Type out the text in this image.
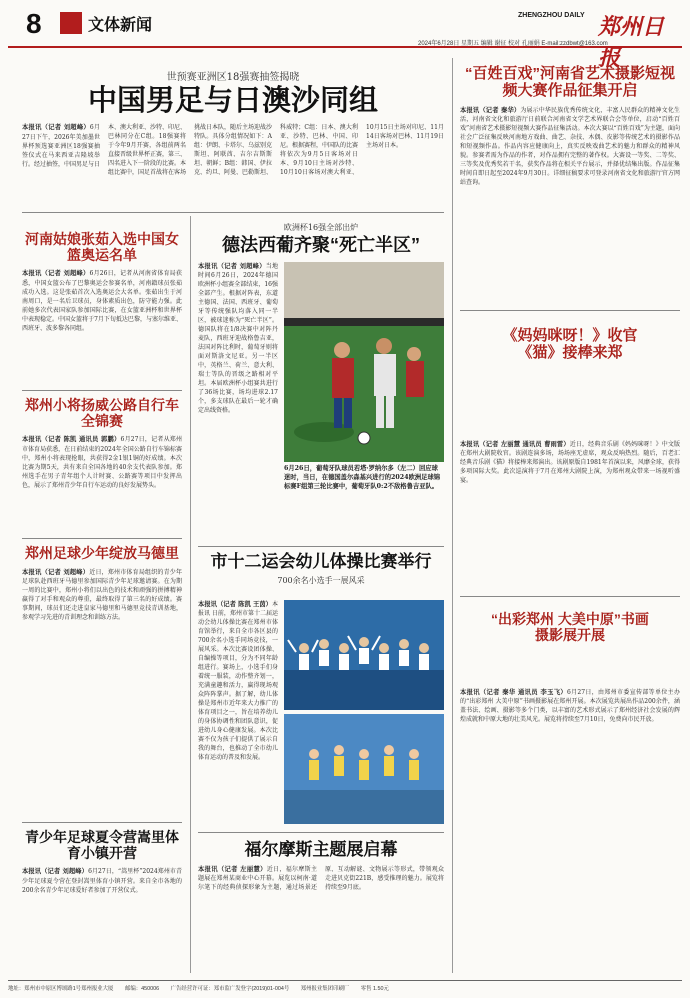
8	文体新闻
ZHENGZHOU DAILY 郑州日报
2024年6月28日 星期五 编辑 谢征 校对 孔丽娟 E-mail:zzdbwt@163.com
世预赛亚洲区18强赛抽签揭晓
中国男足与日澳沙同组
本报讯（记者 刘超峰）6月27日下午，2026年美加墨世界杯预选赛亚洲区18强赛抽签仪式在马来西亚吉隆坡举行。经过抽签，中国男足与日本、澳大利亚、沙特、印尼、巴林同分在C组。18强赛将于今年9月开赛，各组前两名直接晋级世界杯正赛，第三、四名进入下一阶段的比赛。本组比赛中，国足首战将在客场挑战日本队，随后主场迎战沙特队。具体分组情况如下：A组：伊朗、卡塔尔、乌兹别克斯坦、阿联酋、吉尔吉斯斯坦、朝鲜；B组：韩国、伊拉克、约旦、阿曼、巴勒斯坦、科威特；C组：日本、澳大利亚、沙特、巴林、中国、印尼。根据赛程，中国队的比赛将依次为9月5日客场对日本、9月10日主场对沙特、10月10日客场对澳大利亚、10月15日主场对印尼、11月14日客场对巴林、11月19日主场对日本。
“百姓百戏”河南省艺术摄影短视频大赛作品征集开启
本报讯（记者 秦华）为展示中华民族优秀传统文化，丰富人民群众的精神文化生活，河南省文化和旅游厅日前联合河南省文学艺术界联合会等单位，启动“百姓百戏”河南省艺术摄影短视频大赛作品征集活动。本次大赛以“百姓百戏”为主题，面向社会广泛征集反映河南地方戏曲、曲艺、杂技、木偶、皮影等传统艺术的摄影作品和短视频作品。作品内容应健康向上，真实反映戏曲艺术的魅力和群众的精神风貌。参赛者需为作品的作者，对作品拥有完整的著作权。大赛设一等奖、二等奖、三等奖及优秀奖若干名，获奖作品将在相关平台展示，并择优结集出版。作品征集时间自即日起至2024年9月30日。详细征稿要求可登录河南省文化和旅游厅官方网站查询。
《妈妈咪呀！》收官《猫》接棒来郑
本报讯（记者 左丽慧 通讯员 曹雨雷）近日，经典音乐剧《妈妈咪呀！》中文版在郑州大剧院收官。该剧连演多场，场场座无虚席，观众反响热烈。随后，百老汇经典音乐剧《猫》将接棒来郑演出。该剧原版自1981年首演以来，风靡全球，获得多项国际大奖。此次巡演将于7月在郑州大剧院上演，为郑州观众带来一场视听盛宴。
“出彩郑州 大美中原”书画摄影展开展
本报讯（记者 秦华 通讯员 李玉飞）6月27日，由郑州市委宣传部等单位主办的“出彩郑州 大美中原”书画摄影展在郑州开展。本次展览共展出作品200余件，涵盖书法、绘画、摄影等多个门类，以丰富的艺术形式展示了郑州经济社会发展的辉煌成就和中原大地的壮美风光。展览将持续至7月10日，免费向市民开放。
河南姑娘张茹入选中国女篮奥运名单
本报讯（记者 刘超峰）6月26日，记者从河南省体育局获悉，中国女篮公布了巴黎奥运会参赛名单，河南籍球员张茹成功入选。这是张茹首次入选奥运会大名单。张茹出生于河南周口，是一名后卫球员，身体素质出色，防守能力强。此前她多次代表国家队参加国际比赛，在女篮亚洲杯和世界杯中表现稳定。中国女篮将于7月下旬抵达巴黎，与塞尔维亚、西班牙、波多黎各同组。
郑州小将扬威公路自行车全锦赛
本报讯（记者 陈凯 通讯员 郭鹏）6月27日，记者从郑州市体育局获悉，在日前结束的2024年全国公路自行车锦标赛中，郑州小将表现抢眼，共获得2金1银1铜的好成绩。本次比赛为期5天，共有来自全国各地的40余支代表队参加。郑州选手在男子青年组个人计时赛、公路赛等项目中发挥出色，展示了郑州青少年自行车运动的良好发展势头。
郑州足球少年绽放马德里
本报讯（记者 刘超峰）近日，郑州市体育局组织的青少年足球队赴西班牙马德里参加国际青少年足球邀请赛。在为期一周的比赛中，郑州小将们以出色的技术和顽强的拼搏精神赢得了对手和观众的尊重，最终取得了第三名的好成绩。赛事期间，球员们还走进皇家马德里和马德里竞技青训基地，参观学习先进的青训理念和训练方法。
青少年足球夏令营嵩里体育小镇开营
本报讯（记者 刘超峰）6月27日，“嵩里杯”2024郑州市青少年足球夏令营在登封嵩里体育小镇开营。来自全市各地的200余名青少年足球爱好者参加了开营仪式。
欧洲杯16强全部出炉
德法西葡齐聚“死亡半区”
本报讯（记者 刘超峰）当地时间6月26日，2024年德国欧洲杯小组赛全部结束，16强全部产生。根据对阵表，东道主德国、法国、西班牙、葡萄牙等传统强队均落入同一半区，被球迷称为“死亡半区”。德国队将在1/8决赛中对阵丹麦队，西班牙迎战格鲁吉亚，法国对阵比利时，葡萄牙则将面对斯洛文尼亚。另一半区中，英格兰、荷兰、意大利、瑞士等队的晋级之路相对平坦。本届欧洲杯小组赛共进行了36场比赛，场均进球2.17个，多支球队在最后一轮才确定出线资格。
6月26日，葡萄牙队球员若塔·罗纳尔多（左二）回应球迷时，当日，在德国盖尔森基兴进行的2024欧洲足球锦标赛F组第三轮比赛中，葡萄牙队0:2不敌格鲁吉亚队。
市十二运会幼儿体操比赛举行
700余名小选手一展风采
本报讯（记者 陈凯 王茵）本报讯 日前，郑州市第十二届运动会幼儿体操比赛在郑州市体育馆举行，来自全市各区县的700余名小选手同场竞技，一展风采。本次比赛设团体操、自编操等项目，分为不同年龄组进行。赛场上，小选手们身着统一服装，动作整齐划一，充满童趣和活力，赢得现场观众阵阵掌声。据了解，幼儿体操是郑州市近年来大力推广的体育项目之一，旨在培养幼儿的身体协调性和团队意识，促进幼儿身心健康发展。本次比赛不仅为孩子们提供了展示自我的舞台，也推动了全市幼儿体育运动的普及和发展。
福尔摩斯主题展启幕
本报讯（记者 左丽慧）近日，福尔摩斯主题展在郑州某商业中心开幕。展览以柯南·道尔笔下的经典侦探形象为主题，通过场景还原、互动解谜、文物展示等形式，带领观众走进贝克街221B，感受推理的魅力。展览将持续至9月底。
地址：郑州市中原区博颂路1号郑州报业大厦 邮编：450006 广告经营许可证：郑市监广发登字(2019)01-004号 郑州报业集团印刷厂 零售 1.50元
